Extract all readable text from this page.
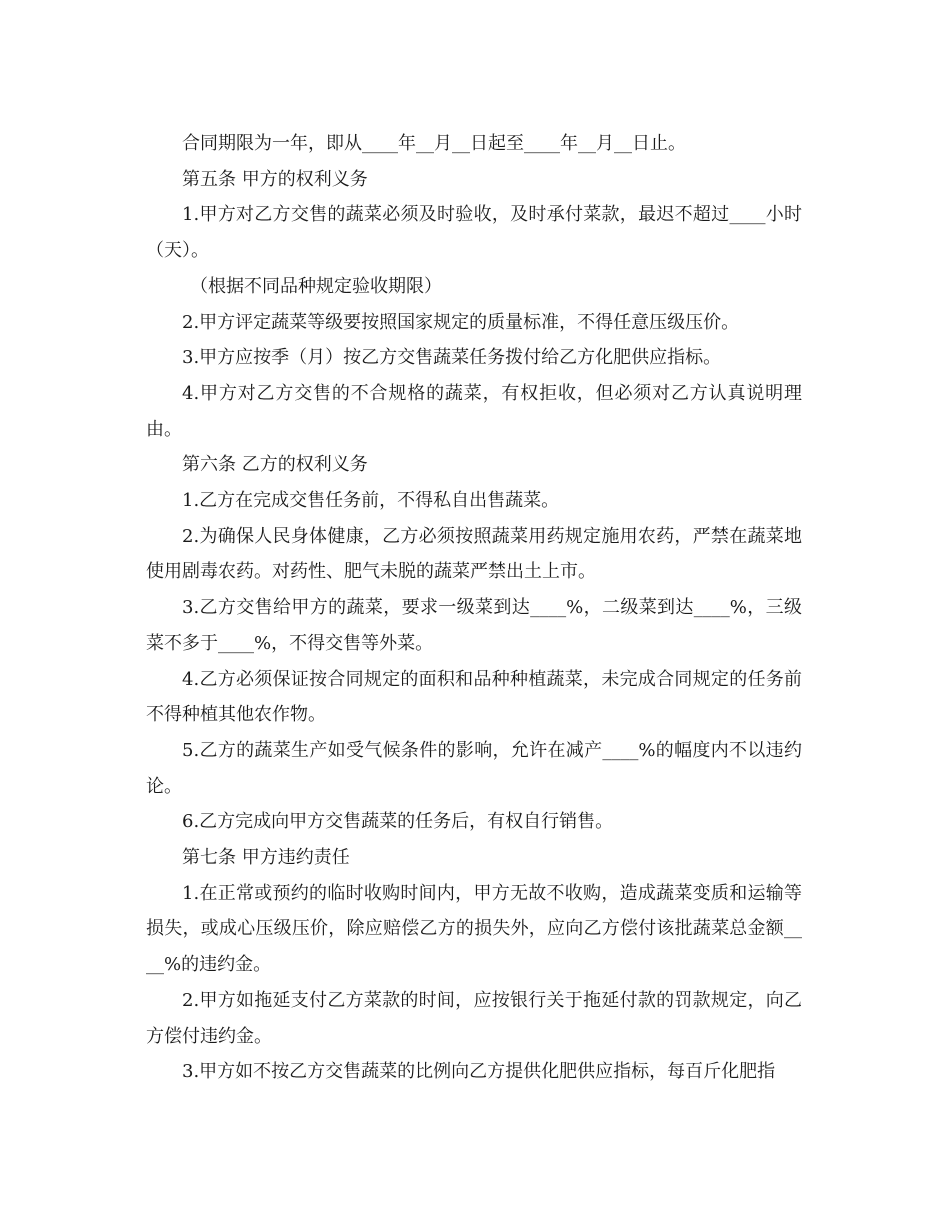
合同期限为一年，即从____年__月__日起至____年__月__日止。

第五条 甲方的权利义务

1.甲方对乙方交售的蔬菜必须及时验收，及时承付菜款，最迟不超过____小时（天）。

（根据不同品种规定验收期限）

2.甲方评定蔬菜等级要按照国家规定的质量标准，不得任意压级压价。

3.甲方应按季（月）按乙方交售蔬菜任务拨付给乙方化肥供应指标。

4.甲方对乙方交售的不合规格的蔬菜，有权拒收，但必须对乙方认真说明理由。

第六条 乙方的权利义务

1.乙方在完成交售任务前，不得私自出售蔬菜。

2.为确保人民身体健康，乙方必须按照蔬菜用药规定施用农药，严禁在蔬菜地使用剧毒农药。对药性、肥气未脱的蔬菜严禁出土上市。

3.乙方交售给甲方的蔬菜，要求一级菜到达____%，二级菜到达____%，三级菜不多于____%，不得交售等外菜。

4.乙方必须保证按合同规定的面积和品种种植蔬菜，未完成合同规定的任务前不得种植其他农作物。

5.乙方的蔬菜生产如受气候条件的影响，允许在减产____%的幅度内不以违约论。

6.乙方完成向甲方交售蔬菜的任务后，有权自行销售。

第七条 甲方违约责任

1.在正常或预约的临时收购时间内，甲方无故不收购，造成蔬菜变质和运输等损失，或成心压级压价，除应赔偿乙方的损失外，应向乙方偿付该批蔬菜总金额____%的违约金。

2.甲方如拖延支付乙方菜款的时间，应按银行关于拖延付款的罚款规定，向乙方偿付违约金。

3.甲方如不按乙方交售蔬菜的比例向乙方提供化肥供应指标，每百斤化肥指
